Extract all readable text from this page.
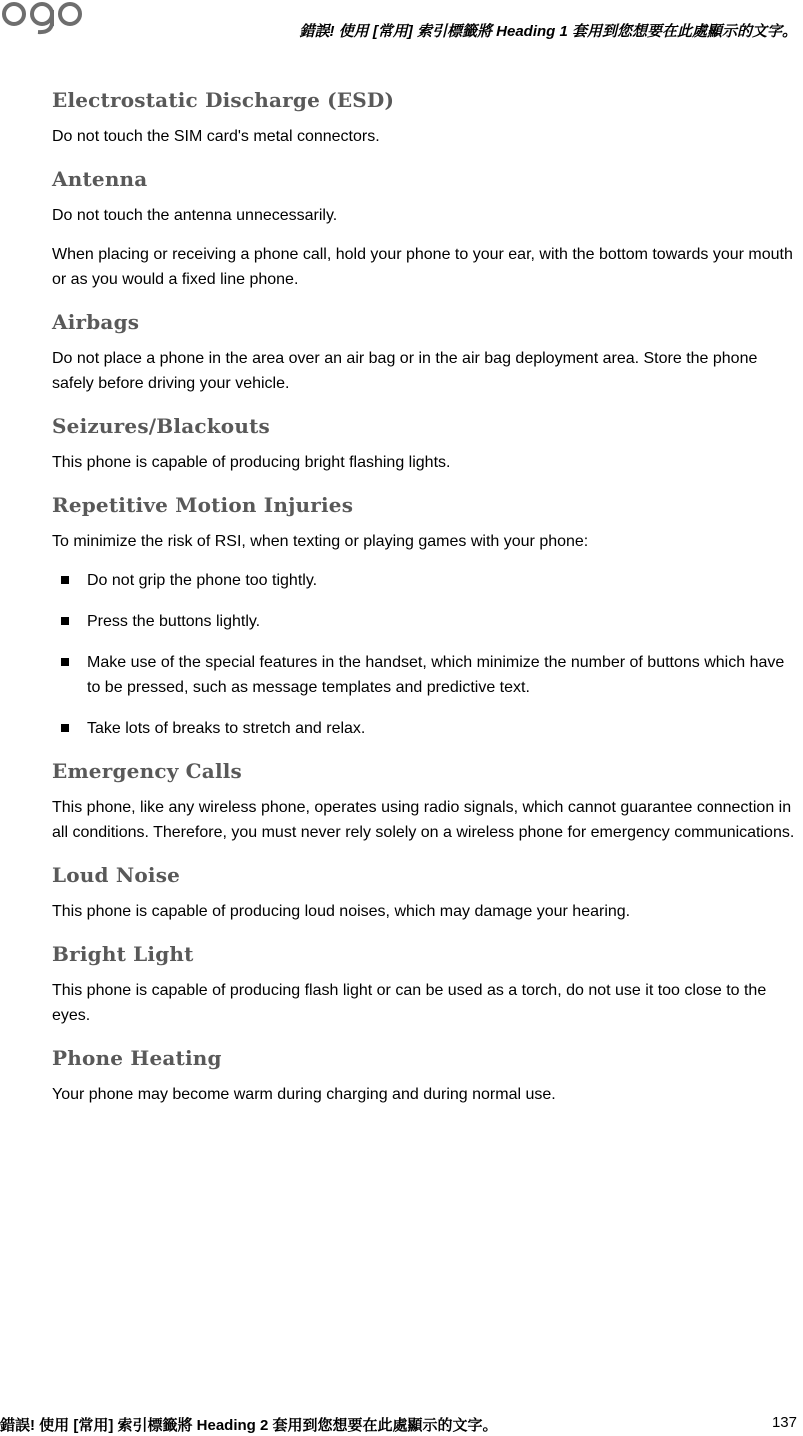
錯誤! 使用 [常用] 索引標籤將 Heading 1 套用到您想要在此處顯示的文字。
Electrostatic Discharge (ESD)

Do not touch the SIM card's metal connectors.

Antenna

Do not touch the antenna unnecessarily.

When placing or receiving a phone call, hold your phone to your ear, with the bottom towards your mouth or as you would a fixed line phone.

Airbags

Do not place a phone in the area over an air bag or in the air bag deployment area. Store the phone safely before driving your vehicle.

Seizures/Blackouts

This phone is capable of producing bright flashing lights.

Repetitive Motion Injuries

To minimize the risk of RSI, when texting or playing games with your phone:

Do not grip the phone too tightly.
Press the buttons lightly.
Make use of the special features in the handset, which minimize the number of buttons which have to be pressed, such as message templates and predictive text.
Take lots of breaks to stretch and relax.
Emergency Calls

This phone, like any wireless phone, operates using radio signals, which cannot guarantee connection in all conditions. Therefore, you must never rely solely on a wireless phone for emergency communications.

Loud Noise

This phone is capable of producing loud noises, which may damage your hearing.

Bright Light

This phone is capable of producing flash light or can be used as a torch, do not use it too close to the eyes.

Phone Heating

Your phone may become warm during charging and during normal use.

錯誤! 使用 [常用] 索引標籤將 Heading 2 套用到您想要在此處顯示的文字。	137
